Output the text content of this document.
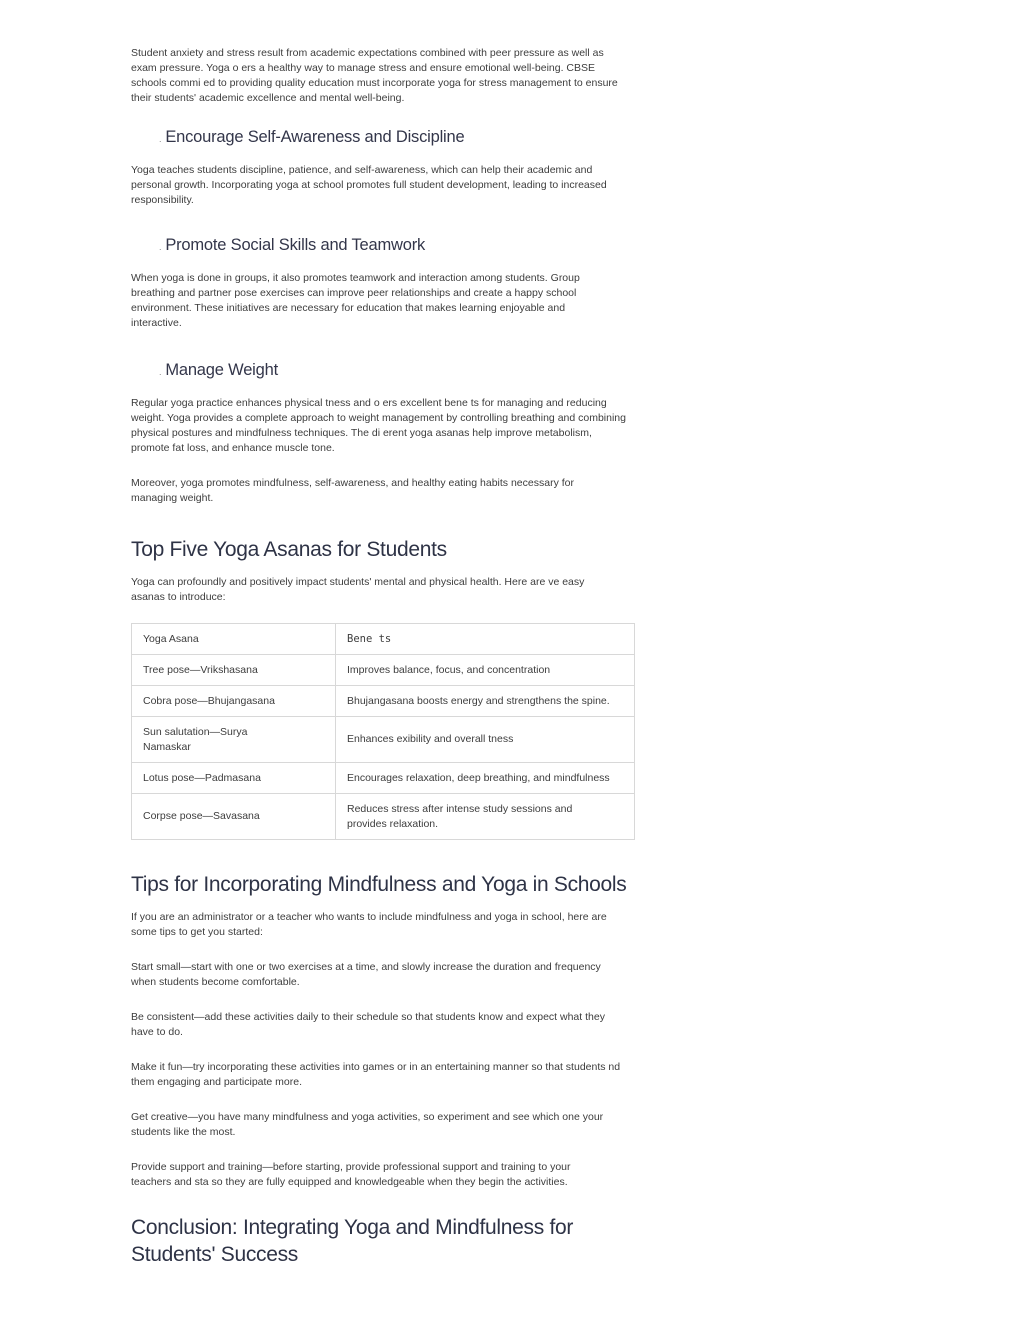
Student anxiety and stress result from academic expectations combined with peer pressure as well as exam pressure. Yoga o ers a healthy way to manage stress and ensure emotional well-being. CBSE schools commi ed to providing quality education must incorporate yoga for stress management to ensure their students' academic excellence and mental well-being.

. Encourage Self-Awareness and Discipline

Yoga teaches students discipline, patience, and self-awareness, which can help their academic and personal growth. Incorporating yoga at school promotes full student development, leading to increased responsibility.

. Promote Social Skills and Teamwork

When yoga is done in groups, it also promotes teamwork and interaction among students. Group breathing and partner pose exercises can improve peer relationships and create a happy school environment. These initiatives are necessary for education that makes learning enjoyable and interactive.

. Manage Weight

Regular yoga practice enhances physical tness and o ers excellent bene ts for managing and reducing weight. Yoga provides a complete approach to weight management by controlling breathing and combining physical postures and mindfulness techniques. The di erent yoga asanas help improve metabolism, promote fat loss, and enhance muscle tone.

Moreover, yoga promotes mindfulness, self-awareness, and healthy eating habits necessary for managing weight.

Top Five Yoga Asanas for Students

Yoga can profoundly and positively impact students' mental and physical health. Here are ve easy asanas to introduce:

Yoga Asana	Bene ts
Tree pose—Vrikshasana	Improves balance, focus, and concentration
Cobra pose—Bhujangasana	Bhujangasana boosts energy and strengthens the spine.
Sun salutation—Surya Namaskar	Enhances exibility and overall tness
Lotus pose—Padmasana	Encourages relaxation, deep breathing, and mindfulness
Corpse pose—Savasana	Reduces stress after intense study sessions and provides relaxation.
Tips for Incorporating Mindfulness and Yoga in Schools

If you are an administrator or a teacher who wants to include mindfulness and yoga in school, here are some tips to get you started:

Start small—start with one or two exercises at a time, and slowly increase the duration and frequency when students become comfortable.

Be consistent—add these activities daily to their schedule so that students know and expect what they have to do.

Make it fun—try incorporating these activities into games or in an entertaining manner so that students nd them engaging and participate more.

Get creative—you have many mindfulness and yoga activities, so experiment and see which one your students like the most.

Provide support and training—before starting, provide professional support and training to your teachers and sta so they are fully equipped and knowledgeable when they begin the activities.

Conclusion: Integrating Yoga and Mindfulness for
Students' Success
